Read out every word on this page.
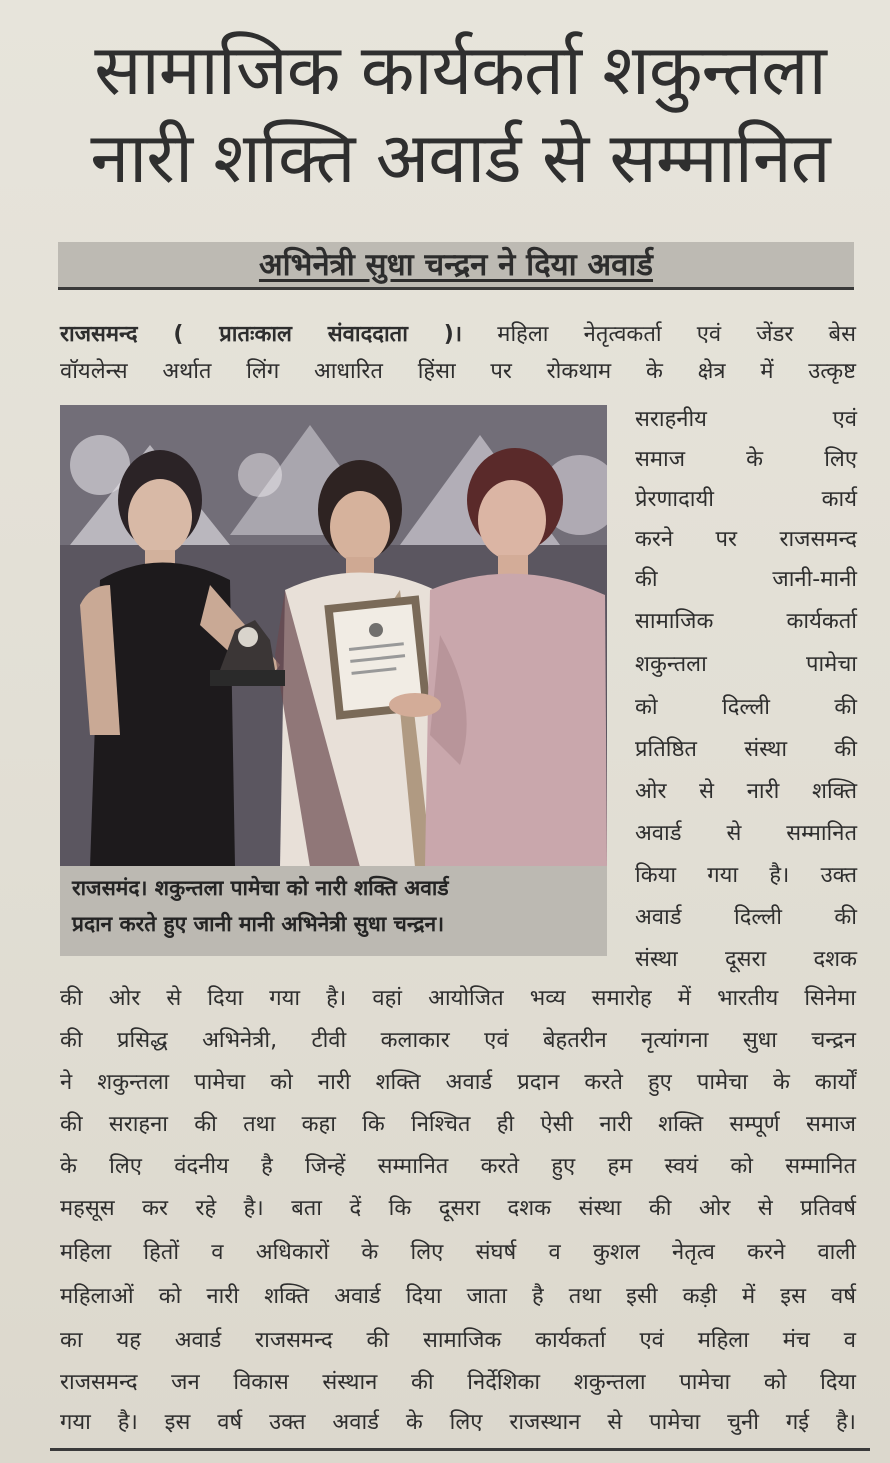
सामाजिक कार्यकर्ता शकुन्तला
नारी शक्ति अवार्ड से सम्मानित
अभिनेत्री सुधा चन्द्रन ने दिया अवार्ड
राजसमन्द ( प्रातःकाल संवाददाता )। महिला नेतृत्वकर्ता एवं जेंडर बेस
वॉयलेन्स अर्थात लिंग आधारित हिंसा पर रोकथाम के क्षेत्र में उत्कृष्ट
राजसमंद। शकुन्तला पामेचा को नारी शक्ति अवार्ड
प्रदान करते हुए जानी मानी अभिनेत्री सुधा चन्द्रन।
सराहनीय एवं
समाज के लिए
प्रेरणादायी कार्य
करने पर राजसमन्द
की जानी-मानी
सामाजिक कार्यकर्ता
शकुन्तला पामेचा
को दिल्ली की
प्रतिष्ठित संस्था की
ओर से नारी शक्ति
अवार्ड से सम्मानित
किया गया है। उक्त
अवार्ड दिल्ली की
संस्था दूसरा दशक
की ओर से दिया गया है। वहां आयोजित भव्य समारोह में भारतीय सिनेमा
की प्रसिद्ध अभिनेत्री, टीवी कलाकार एवं बेहतरीन नृत्यांगना सुधा चन्द्रन
ने शकुन्तला पामेचा को नारी शक्ति अवार्ड प्रदान करते हुए पामेचा के कार्यों
की सराहना की तथा कहा कि निश्चित ही ऐसी नारी शक्ति सम्पूर्ण समाज
के लिए वंदनीय है जिन्हें सम्मानित करते हुए हम स्वयं को सम्मानित
महसूस कर रहे है। बता दें कि दूसरा दशक संस्था की ओर से प्रतिवर्ष
महिला हितों व अधिकारों के लिए संघर्ष व कुशल नेतृत्व करने वाली
महिलाओं को नारी शक्ति अवार्ड दिया जाता है तथा इसी कड़ी में इस वर्ष
का यह अवार्ड राजसमन्द की सामाजिक कार्यकर्ता एवं महिला मंच व
राजसमन्द जन विकास संस्थान की निर्देशिका शकुन्तला पामेचा को दिया
गया है। इस वर्ष उक्त अवार्ड के लिए राजस्थान से पामेचा चुनी गई है।
